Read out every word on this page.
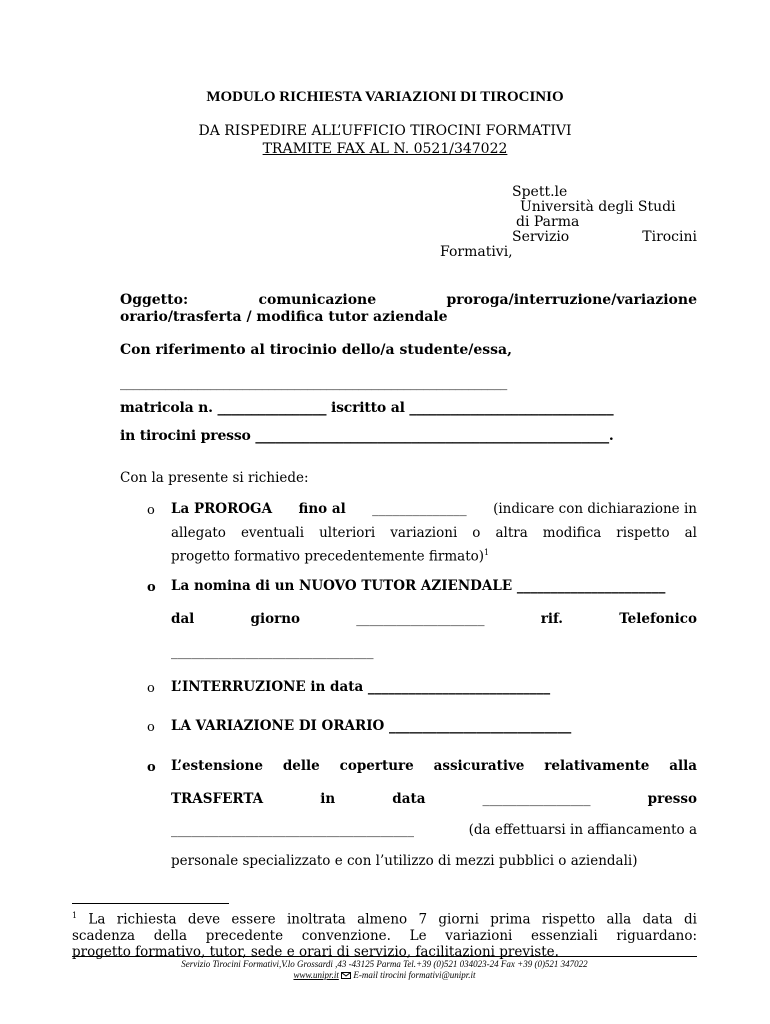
MODULO RICHIESTA VARIAZIONI DI TIROCINIO
DA RISPEDIRE ALL’UFFICIO TIROCINI FORMATIVI
TRAMITE FAX AL N. 0521/347022
Spett.le
Università degli Studi
di Parma
Servizio	Tirocini
Formativi,
Oggetto:	comunicazione	proroga/interruzione/variazione
orario/trasferta / modifica tutor aziendale
Con riferimento al tirocinio dello/a studente/essa,
____________________________________________________________
matricola n. ________________ iscritto al ______________________________
in tirocini presso ____________________________________________________.
Con la presente si richiede:
o La PROROGA fino al ______________ (indicare con dichiarazione in
allegato eventuali ulteriori variazioni o altra modifica rispetto al
progetto formativo precedentemente firmato)$^1$
o La nomina di un NUOVO TUTOR AZIENDALE ______________________
dal	giorno	___________________	rif.	Telefonico
______________________________
o L’INTERRUZIONE in data ___________________________
o LA VARIAZIONE DI ORARIO ___________________________
o L’estensione delle coperture assicurative relativamente alla
TRASFERTA	in	data	________________	presso
____________________________________	(da effettuarsi in affiancamento a
personale specializzato e con l’utilizzo di mezzi pubblici o aziendali)
$^1$ La richiesta deve essere inoltrata almeno 7 giorni prima rispetto alla data di
scadenza della precedente convenzione. Le variazioni essenziali riguardano:
progetto formativo, tutor, sede e orari di servizio, facilitazioni previste.
Servizio Tirocini Formativi,V.lo Grossardi ,43 -43125 Parma Tel.+39 (0)521 034023-24 Fax +39 (0)521 347022
www.unipr.it  E-mail tirocini formativi@unipr.it
